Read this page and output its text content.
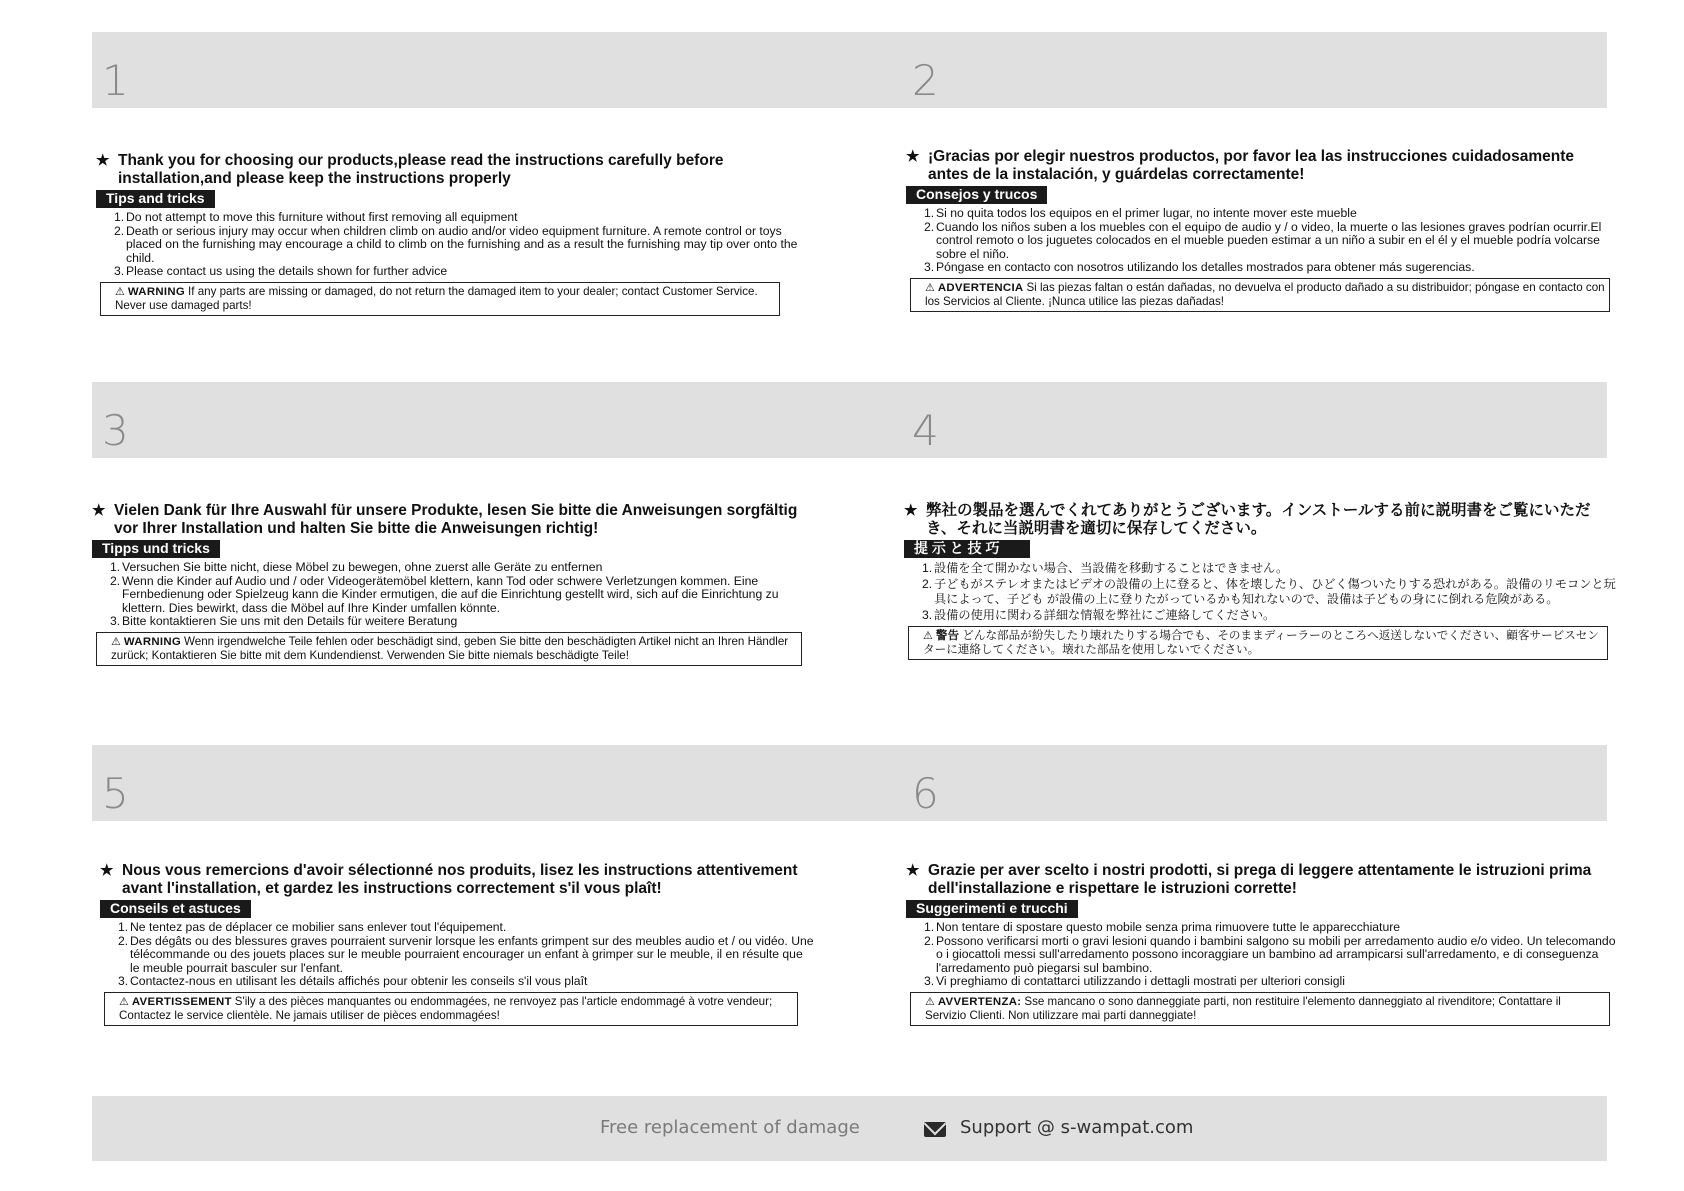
1	2
3	4
5	6

★ Thank you for choosing our products,please read the instructions carefully before installation,and please keep the instructions properly

Tips and tricks
1. Do not attempt to move this furniture without first removing all equipment
2. Death or serious injury may occur when children climb on audio and/or video equipment furniture. A remote control or toys placed on the furnishing may encourage a child to climb on the furnishing and as a result the furnishing may tip over onto the child.
3. Please contact us using the details shown for further advice
⚠ WARNING If any parts are missing or damaged, do not return the damaged item to your dealer; contact Customer Service. Never use damaged parts!

★ ¡Gracias por elegir nuestros productos, por favor lea las instrucciones cuidadosamente antes de la instalación, y guárdelas correctamente!

Consejos y trucos
1. Si no quita todos los equipos en el primer lugar, no intente mover este mueble
2. Cuando los niños suben a los muebles con el equipo de audio y / o video, la muerte o las lesiones graves podrían ocurrir.El control remoto o los juguetes colocados en el mueble pueden estimar a un niño a subir en el él y el mueble podría volcarse sobre el niño.
3. Póngase en contacto con nosotros utilizando los detalles mostrados para obtener más sugerencias.
⚠ ADVERTENCIA Si las piezas faltan o están dañadas, no devuelva el producto dañado a su distribuidor; póngase en contacto con los Servicios al Cliente. ¡Nunca utilice las piezas dañadas!

★ Vielen Dank für Ihre Auswahl für unsere Produkte, lesen Sie bitte die Anweisungen sorgfältig vor Ihrer Installation und halten Sie bitte die Anweisungen richtig!

Tipps und tricks
1. Versuchen Sie bitte nicht, diese Möbel zu bewegen, ohne zuerst alle Geräte zu entfernen
2. Wenn die Kinder auf Audio und / oder Videogerätemöbel klettern, kann Tod oder schwere Verletzungen kommen. Eine Fernbedienung oder Spielzeug kann die Kinder ermutigen, die auf die Einrichtung gestellt wird, sich auf die Einrichtung zu klettern. Dies bewirkt, dass die Möbel auf Ihre Kinder umfallen könnte.
3. Bitte kontaktieren Sie uns mit den Details für weitere Beratung
⚠ WARNING Wenn irgendwelche Teile fehlen oder beschädigt sind, geben Sie bitte den beschädigten Artikel nicht an Ihren Händler zurück; Kontaktieren Sie bitte mit dem Kundendienst. Verwenden Sie bitte niemals beschädigte Teile!

★ 弊社の製品を選んでくれてありがとうございます。インストールする前に説明書をご覧にいただき、それに当説明書を適切に保存してください。

提 示 と 技 巧
1. 設備を全て開かない場合、当設備を移動することはできません。
2. 子どもがステレオまたはビデオの設備の上に登ると、体を壊したり、ひどく傷ついたりする恐れがある。設備のリモコンと玩具によって、子ども が設備の上に登りたがっているかも知れないので、設備は子どもの身にに倒れる危険がある。
3. 設備の使用に関わる詳細な情報を弊社にご連絡してください。
⚠ 警告 どんな部品が紛失したり壊れたりする場合でも、そのままディーラーのところへ返送しないでください、顧客サービスセンターに連絡してください。壊れた部品を使用しないでください。

★ Nous vous remercions d'avoir sélectionné nos produits, lisez les instructions attentivement avant l'installation, et gardez les instructions correctement s'il vous plaît!

Conseils et astuces
1. Ne tentez pas de déplacer ce mobilier sans enlever tout l'équipement.
2. Des dégâts ou des blessures graves pourraient survenir lorsque les enfants grimpent sur des meubles audio et / ou vidéo. Une télécommande ou des jouets places sur le meuble pourraient encourager un enfant à grimper sur le meuble, il en résulte que le meuble pourrait basculer sur l'enfant.
3. Contactez-nous en utilisant les détails affichés pour obtenir les conseils s'il vous plaît
⚠ AVERTISSEMENT S'ily a des pièces manquantes ou endommagées, ne renvoyez pas l'article endommagé à votre vendeur; Contactez le service clientèle. Ne jamais utiliser de pièces endommagées!

★ Grazie per aver scelto i nostri prodotti, si prega di leggere attentamente le istruzioni prima dell'installazione e rispettare le istruzioni corrette!

Suggerimenti e trucchi
1. Non tentare di spostare questo mobile senza prima rimuovere tutte le apparecchiature
2. Possono verificarsi morti o gravi lesioni quando i bambini salgono su mobili per arredamento audio e/o video. Un telecomando o i giocattoli messi sull'arredamento possono incoraggiare un bambino ad arrampicarsi sull'arredamento, e di conseguenza l'arredamento può piegarsi sul bambino.
3. Vi preghiamo di contattarci utilizzando i dettagli mostrati per ulteriori consigli
⚠ AVVERTENZA: Sse mancano o sono danneggiate parti, non restituire l'elemento danneggiato al rivenditore; Contattare il Servizio Clienti. Non utilizzare mai parti danneggiate!
Free replacement of damage	Support @ s-wampat.com
